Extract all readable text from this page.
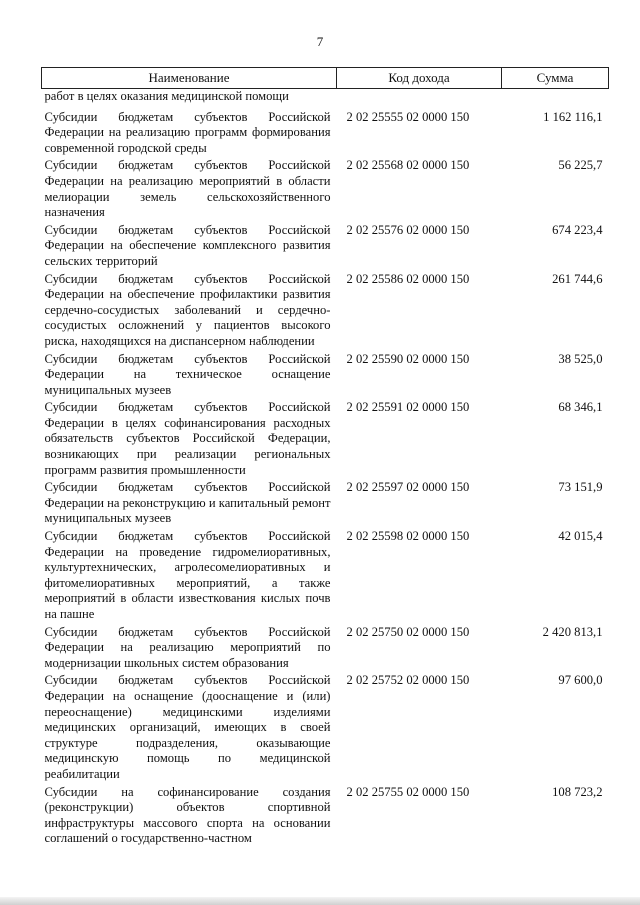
7
Наименование	Код дохода	Сумма
работ в целях оказания медицинской помощи		
Субсидии бюджетам субъектов Российской Федерации на реализацию программ формирования современной городской среды	2 02 25555 02 0000 150	1 162 116,1
Субсидии бюджетам субъектов Российской Федерации на реализацию мероприятий в области мелиорации земель сельскохозяйственного назначения	2 02 25568 02 0000 150	56 225,7
Субсидии бюджетам субъектов Российской Федерации на обеспечение комплексного развития сельских территорий	2 02 25576 02 0000 150	674 223,4
Субсидии бюджетам субъектов Российской Федерации на обеспечение профилактики развития сердечно-сосудистых заболеваний и сердечно-сосудистых осложнений у пациентов высокого риска, находящихся на диспансерном наблюдении	2 02 25586 02 0000 150	261 744,6
Субсидии бюджетам субъектов Российской Федерации на техническое оснащение муниципальных музеев	2 02 25590 02 0000 150	38 525,0
Субсидии бюджетам субъектов Российской Федерации в целях софинансирования расходных обязательств субъектов Российской Федерации, возникающих при реализации региональных программ развития промышленности	2 02 25591 02 0000 150	68 346,1
Субсидии бюджетам субъектов Российской Федерации на реконструкцию и капитальный ремонт муниципальных музеев	2 02 25597 02 0000 150	73 151,9
Субсидии бюджетам субъектов Российской Федерации на проведение гидромелиоративных, культуртехнических, агролесомелиоративных и фитомелиоративных мероприятий, а также мероприятий в области известкования кислых почв на пашне	2 02 25598 02 0000 150	42 015,4
Субсидии бюджетам субъектов Российской Федерации на реализацию мероприятий по модернизации школьных систем образования	2 02 25750 02 0000 150	2 420 813,1
Субсидии бюджетам субъектов Российской Федерации на оснащение (дооснащение и (или) переоснащение) медицинскими изделиями медицинских организаций, имеющих в своей структуре подразделения, оказывающие медицинскую помощь по медицинской реабилитации	2 02 25752 02 0000 150	97 600,0
Субсидии на софинансирование создания (реконструкции) объектов спортивной инфраструктуры массового спорта на основании соглашений о государственно-частном	2 02 25755 02 0000 150	108 723,2
